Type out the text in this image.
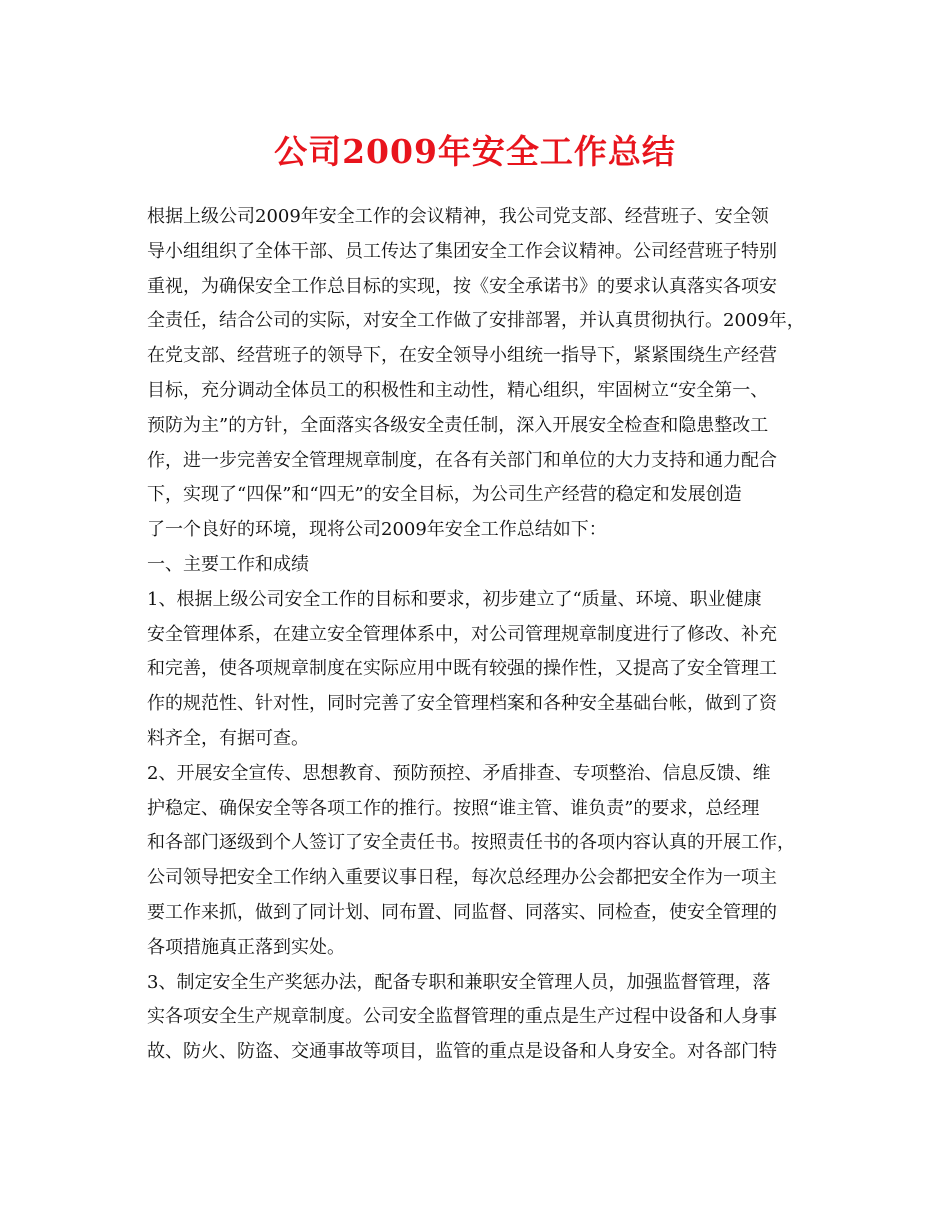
公司2009年安全工作总结
根据上级公司2009年安全工作的会议精神，我公司党支部、经营班子、安全领
导小组组织了全体干部、员工传达了集团安全工作会议精神。公司经营班子特别
重视，为确保安全工作总目标的实现，按《安全承诺书》的要求认真落实各项安
全责任，结合公司的实际，对安全工作做了安排部署，并认真贯彻执行。2009年，
在党支部、经营班子的领导下，在安全领导小组统一指导下，紧紧围绕生产经营
目标，充分调动全体员工的积极性和主动性，精心组织，牢固树立“安全第一、
预防为主”的方针，全面落实各级安全责任制，深入开展安全检查和隐患整改工
作，进一步完善安全管理规章制度，在各有关部门和单位的大力支持和通力配合
下，实现了“四保”和“四无”的安全目标，为公司生产经营的稳定和发展创造
了一个良好的环境，现将公司2009年安全工作总结如下：
一、主要工作和成绩
1、根据上级公司安全工作的目标和要求，初步建立了“质量、环境、职业健康
安全管理体系，在建立安全管理体系中，对公司管理规章制度进行了修改、补充
和完善，使各项规章制度在实际应用中既有较强的操作性，又提高了安全管理工
作的规范性、针对性，同时完善了安全管理档案和各种安全基础台帐，做到了资
料齐全，有据可查。
2、开展安全宣传、思想教育、预防预控、矛盾排查、专项整治、信息反馈、维
护稳定、确保安全等各项工作的推行。按照“谁主管、谁负责”的要求，总经理
和各部门逐级到个人签订了安全责任书。按照责任书的各项内容认真的开展工作，
公司领导把安全工作纳入重要议事日程，每次总经理办公会都把安全作为一项主
要工作来抓，做到了同计划、同布置、同监督、同落实、同检查，使安全管理的
各项措施真正落到实处。
3、制定安全生产奖惩办法，配备专职和兼职安全管理人员，加强监督管理，落
实各项安全生产规章制度。公司安全监督管理的重点是生产过程中设备和人身事
故、防火、防盗、交通事故等项目，监管的重点是设备和人身安全。对各部门特
